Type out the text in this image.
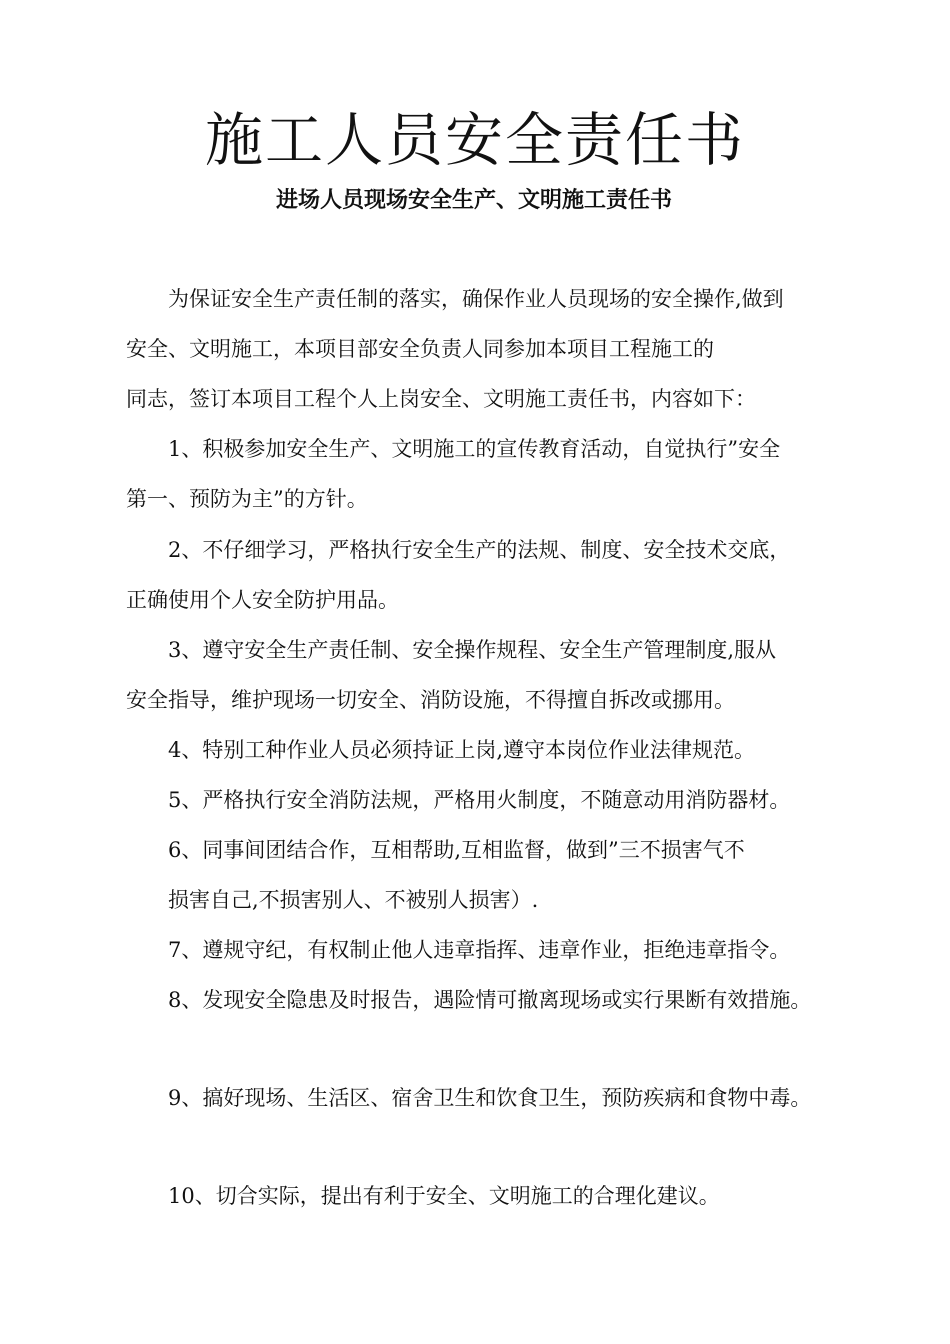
施工人员安全责任书
进场人员现场安全生产、文明施工责任书
为保证安全生产责任制的落实，确保作业人员现场的安全操作,做到
安全、文明施工，本项目部安全负责人同参加本项目工程施工的
同志，签订本项目工程个人上岗安全、文明施工责任书，内容如下：
1、积极参加安全生产、文明施工的宣传教育活动，自觉执行”安全
第一、预防为主”的方针。
2、不仔细学习，严格执行安全生产的法规、制度、安全技术交底，
正确使用个人安全防护用品。
3、遵守安全生产责任制、安全操作规程、安全生产管理制度,服从
安全指导，维护现场一切安全、消防设施，不得擅自拆改或挪用。
4、特别工种作业人员必须持证上岗,遵守本岗位作业法律规范。
5、严格执行安全消防法规，严格用火制度，不随意动用消防器材。
6、同事间团结合作，互相帮助,互相监督，做到”三不损害气不
损害自己,不损害别人、不被别人损害）.
7、遵规守纪，有权制止他人违章指挥、违章作业，拒绝违章指令。
8、发现安全隐患及时报告，遇险情可撤离现场或实行果断有效措施。
9、搞好现场、生活区、宿舍卫生和饮食卫生，预防疾病和食物中毒。
10、切合实际，提出有利于安全、文明施工的合理化建议。
